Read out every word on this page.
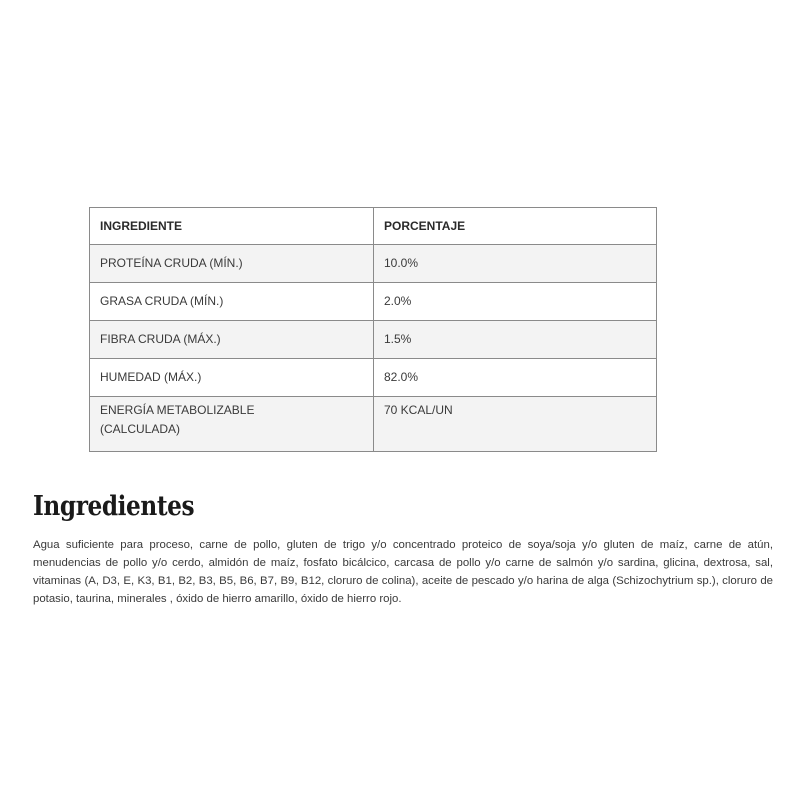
INGREDIENTE	PORCENTAJE
PROTEÍNA CRUDA (MÍN.)	10.0%
GRASA CRUDA (MÍN.)	2.0%
FIBRA CRUDA (MÁX.)	1.5%
HUMEDAD (MÁX.)	82.0%
ENERGÍA METABOLIZABLE
(CALCULADA)	70 KCAL/UN
Ingredientes

Agua suficiente para proceso, carne de pollo, gluten de trigo y/o concentrado proteico de soya/soja y/o gluten de maíz, carne de atún, menudencias de pollo y/o cerdo, almidón de maíz, fosfato bicálcico, carcasa de pollo y/o carne de salmón y/o sardina, glicina, dextrosa, sal, vitaminas (A, D3, E, K3, B1, B2, B3, B5, B6, B7, B9, B12, cloruro de colina), aceite de pescado y/o harina de alga (Schizochytrium sp.), cloruro de potasio, taurina, minerales , óxido de hierro amarillo, óxido de hierro rojo.
